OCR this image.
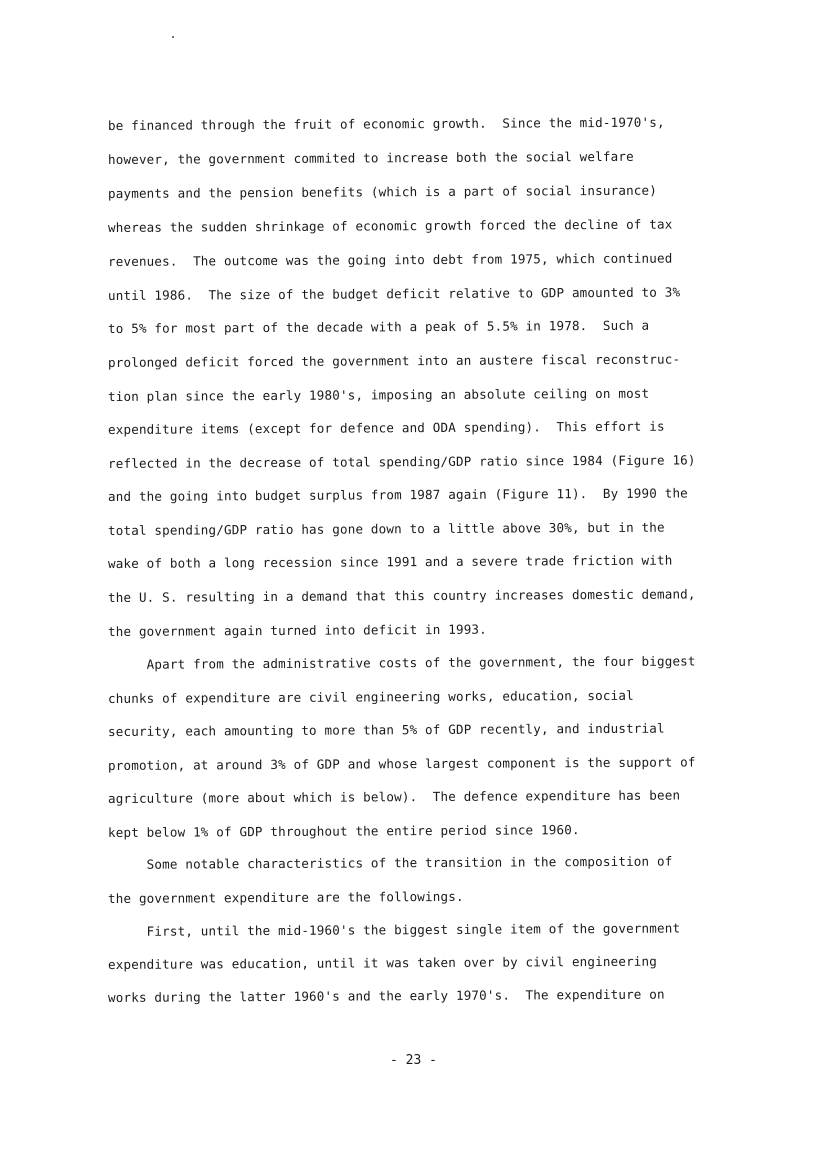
be financed through the fruit of economic growth.  Since the mid-1970's,
however, the government commited to increase both the social welfare
payments and the pension benefits (which is a part of social insurance)
whereas the sudden shrinkage of economic growth forced the decline of tax
revenues.  The outcome was the going into debt from 1975, which continued
until 1986.  The size of the budget deficit relative to GDP amounted to 3%
to 5% for most part of the decade with a peak of 5.5% in 1978.  Such a
prolonged deficit forced the government into an austere fiscal reconstruc-
tion plan since the early 1980's, imposing an absolute ceiling on most
expenditure items (except for defence and ODA spending).  This effort is
reflected in the decrease of total spending/GDP ratio since 1984 (Figure 16)
and the going into budget surplus from 1987 again (Figure 11).  By 1990 the
total spending/GDP ratio has gone down to a little above 30%, but in the
wake of both a long recession since 1991 and a severe trade friction with
the U. S. resulting in a demand that this country increases domestic demand,
the government again turned into deficit in 1993.
Apart from the administrative costs of the government, the four biggest
chunks of expenditure are civil engineering works, education, social
security, each amounting to more than 5% of GDP recently, and industrial
promotion, at around 3% of GDP and whose largest component is the support of
agriculture (more about which is below).  The defence expenditure has been
kept below 1% of GDP throughout the entire period since 1960.
Some notable characteristics of the transition in the composition of
the government expenditure are the followings.
First, until the mid-1960's the biggest single item of the government
expenditure was education, until it was taken over by civil engineering
works during the latter 1960's and the early 1970's.  The expenditure on
- 23 -
